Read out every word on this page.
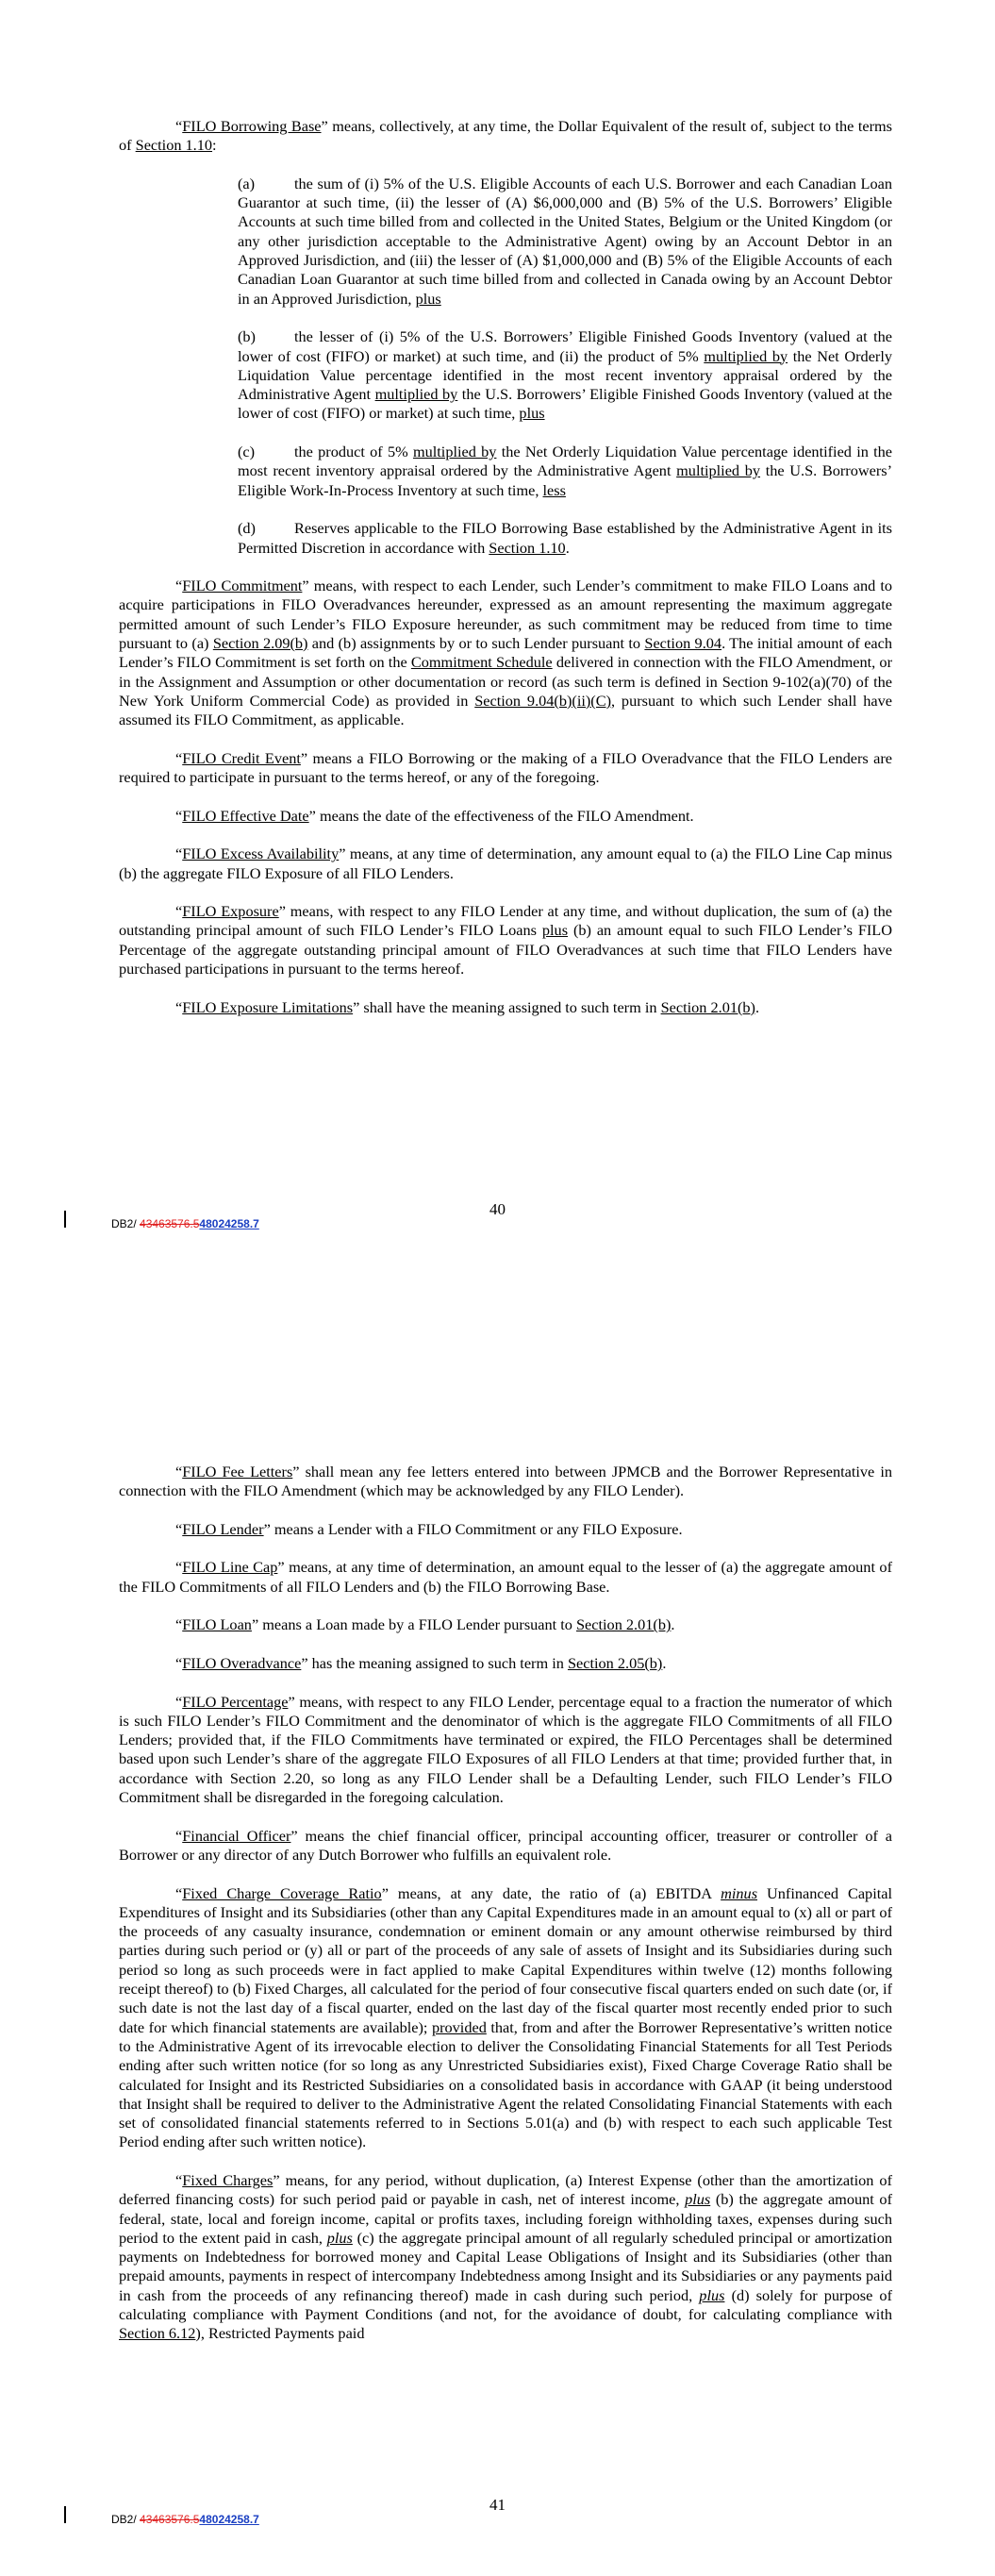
“FILO Borrowing Base” means, collectively, at any time, the Dollar Equivalent of the result of, subject to the terms of Section 1.10:

(a)	the sum of (i) 5% of the U.S. Eligible Accounts of each U.S. Borrower and each Canadian Loan Guarantor at such time, (ii) the lesser of (A) $6,000,000 and (B) 5% of the U.S. Borrowers’ Eligible Accounts at such time billed from and collected in the United States, Belgium or the United Kingdom (or any other jurisdiction acceptable to the Administrative Agent) owing by an Account Debtor in an Approved Jurisdiction, and (iii) the lesser of (A) $1,000,000 and (B) 5% of the Eligible Accounts of each Canadian Loan Guarantor at such time billed from and collected in Canada owing by an Account Debtor in an Approved Jurisdiction, plus

(b)	the lesser of (i) 5% of the U.S. Borrowers’ Eligible Finished Goods Inventory (valued at the lower of cost (FIFO) or market) at such time, and (ii) the product of 5% multiplied by the Net Orderly Liquidation Value percentage identified in the most recent inventory appraisal ordered by the Administrative Agent multiplied by the U.S. Borrowers’ Eligible Finished Goods Inventory (valued at the lower of cost (FIFO) or market) at such time, plus

(c)	the product of 5% multiplied by the Net Orderly Liquidation Value percentage identified in the most recent inventory appraisal ordered by the Administrative Agent multiplied by the U.S. Borrowers’ Eligible Work-In-Process Inventory at such time, less

(d)	Reserves applicable to the FILO Borrowing Base established by the Administrative Agent in its Permitted Discretion in accordance with Section 1.10.

“FILO Commitment” means, with respect to each Lender, such Lender’s commitment to make FILO Loans and to acquire participations in FILO Overadvances hereunder, expressed as an amount representing the maximum aggregate permitted amount of such Lender’s FILO Exposure hereunder, as such commitment may be reduced from time to time pursuant to (a) Section 2.09(b) and (b) assignments by or to such Lender pursuant to Section 9.04. The initial amount of each Lender’s FILO Commitment is set forth on the Commitment Schedule delivered in connection with the FILO Amendment, or in the Assignment and Assumption or other documentation or record (as such term is defined in Section 9-102(a)(70) of the New York Uniform Commercial Code) as provided in Section 9.04(b)(ii)(C), pursuant to which such Lender shall have assumed its FILO Commitment, as applicable.

“FILO Credit Event” means a FILO Borrowing or the making of a FILO Overadvance that the FILO Lenders are required to participate in pursuant to the terms hereof, or any of the foregoing.

“FILO Effective Date” means the date of the effectiveness of the FILO Amendment.

“FILO Excess Availability” means, at any time of determination, any amount equal to (a) the FILO Line Cap minus (b) the aggregate FILO Exposure of all FILO Lenders.

“FILO Exposure” means, with respect to any FILO Lender at any time, and without duplication, the sum of (a) the outstanding principal amount of such FILO Lender’s FILO Loans plus (b) an amount equal to such FILO Lender’s FILO Percentage of the aggregate outstanding principal amount of FILO Overadvances at such time that FILO Lenders have purchased participations in pursuant to the terms hereof.

“FILO Exposure Limitations” shall have the meaning assigned to such term in Section 2.01(b).

40
DB2/ 43463576.548024258.7

“FILO Fee Letters” shall mean any fee letters entered into between JPMCB and the Borrower Representative in connection with the FILO Amendment (which may be acknowledged by any FILO Lender).

“FILO Lender” means a Lender with a FILO Commitment or any FILO Exposure.

“FILO Line Cap” means, at any time of determination, an amount equal to the lesser of (a) the aggregate amount of the FILO Commitments of all FILO Lenders and (b) the FILO Borrowing Base.

“FILO Loan” means a Loan made by a FILO Lender pursuant to Section 2.01(b).

“FILO Overadvance” has the meaning assigned to such term in Section 2.05(b).

“FILO Percentage” means, with respect to any FILO Lender, percentage equal to a fraction the numerator of which is such FILO Lender’s FILO Commitment and the denominator of which is the aggregate FILO Commitments of all FILO Lenders; provided that, if the FILO Commitments have terminated or expired, the FILO Percentages shall be determined based upon such Lender’s share of the aggregate FILO Exposures of all FILO Lenders at that time; provided further that, in accordance with Section 2.20, so long as any FILO Lender shall be a Defaulting Lender, such FILO Lender’s FILO Commitment shall be disregarded in the foregoing calculation.

“Financial Officer” means the chief financial officer, principal accounting officer, treasurer or controller of a Borrower or any director of any Dutch Borrower who fulfills an equivalent role.

“Fixed Charge Coverage Ratio” means, at any date, the ratio of (a) EBITDA minus Unfinanced Capital Expenditures of Insight and its Subsidiaries (other than any Capital Expenditures made in an amount equal to (x) all or part of the proceeds of any casualty insurance, condemnation or eminent domain or any amount otherwise reimbursed by third parties during such period or (y) all or part of the proceeds of any sale of assets of Insight and its Subsidiaries during such period so long as such proceeds were in fact applied to make Capital Expenditures within twelve (12) months following receipt thereof) to (b) Fixed Charges, all calculated for the period of four consecutive fiscal quarters ended on such date (or, if such date is not the last day of a fiscal quarter, ended on the last day of the fiscal quarter most recently ended prior to such date for which financial statements are available); provided that, from and after the Borrower Representative’s written notice to the Administrative Agent of its irrevocable election to deliver the Consolidating Financial Statements for all Test Periods ending after such written notice (for so long as any Unrestricted Subsidiaries exist), Fixed Charge Coverage Ratio shall be calculated for Insight and its Restricted Subsidiaries on a consolidated basis in accordance with GAAP (it being understood that Insight shall be required to deliver to the Administrative Agent the related Consolidating Financial Statements with each set of consolidated financial statements referred to in Sections 5.01(a) and (b) with respect to each such applicable Test Period ending after such written notice).

“Fixed Charges” means, for any period, without duplication, (a) Interest Expense (other than the amortization of deferred financing costs) for such period paid or payable in cash, net of interest income, plus (b) the aggregate amount of federal, state, local and foreign income, capital or profits taxes, including foreign withholding taxes, expenses during such period to the extent paid in cash, plus (c) the aggregate principal amount of all regularly scheduled principal or amortization payments on Indebtedness for borrowed money and Capital Lease Obligations of Insight and its Subsidiaries (other than prepaid amounts, payments in respect of intercompany Indebtedness among Insight and its Subsidiaries or any payments paid in cash from the proceeds of any refinancing thereof) made in cash during such period, plus (d) solely for purpose of calculating compliance with Payment Conditions (and not, for the avoidance of doubt, for calculating compliance with Section 6.12), Restricted Payments paid

41
DB2/ 43463576.548024258.7
